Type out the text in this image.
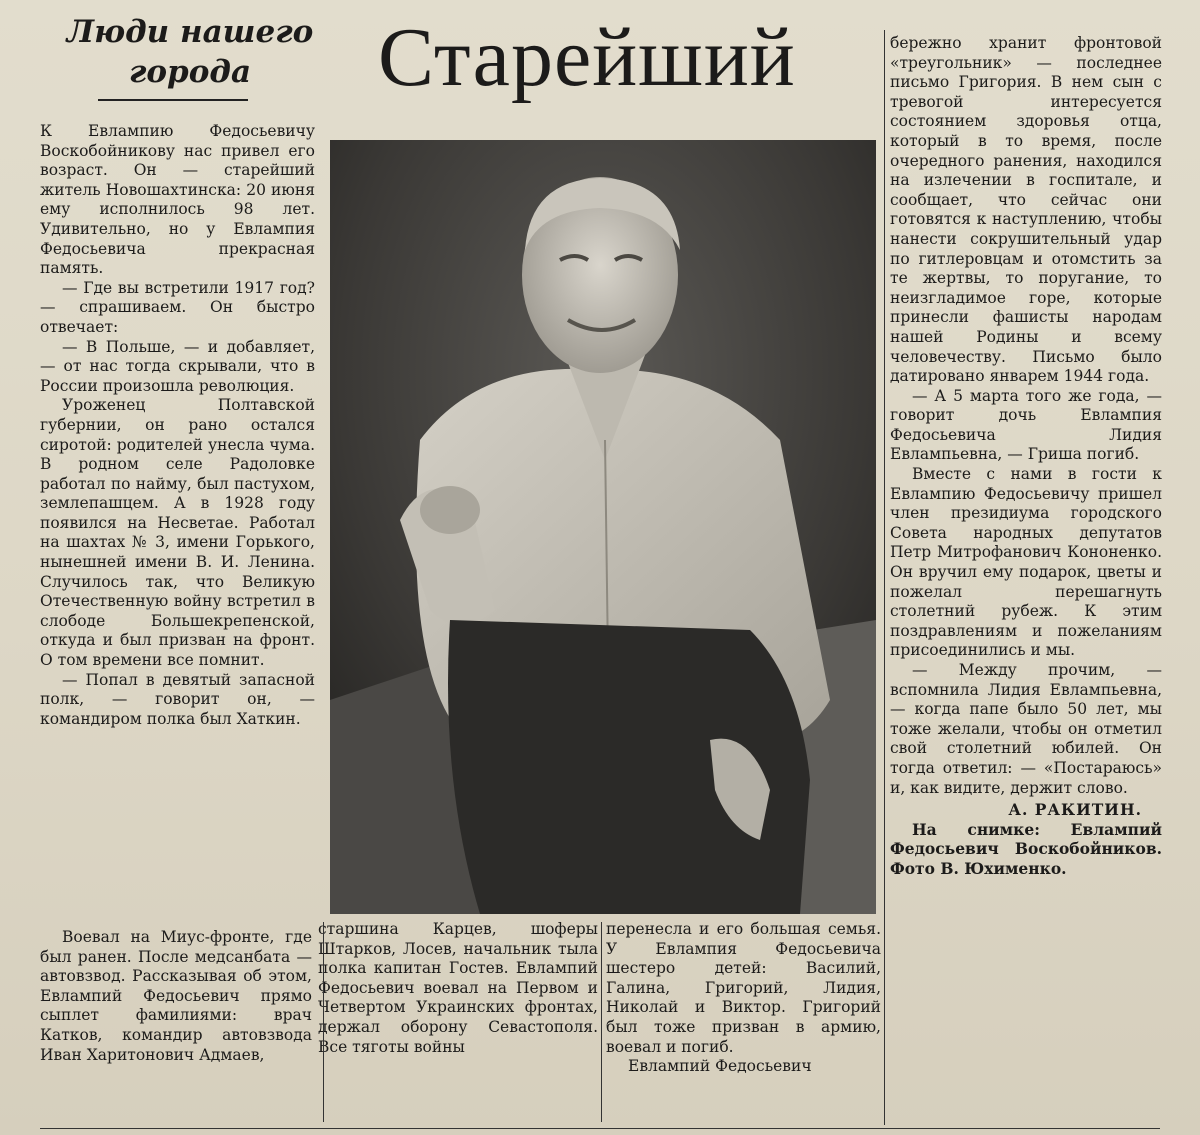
Люди нашего
города	Старейший

К Евлампию Федосьевичу Воскобойникову нас привел его возраст. Он — старейший житель Новошахтинска: 20 июня ему исполнилось 98 лет. Удивительно, но у Евлампия Федосьевича прекрасная память.

— Где вы встретили 1917 год? — спрашиваем. Он быстро отвечает:

— В Польше, — и добавляет, — от нас тогда скрывали, что в России произошла революция.

Уроженец Полтавской губернии, он рано остался сиротой: родителей унесла чума. В родном селе Радоловке работал по найму, был пастухом, землепашцем. А в 1928 году появился на Несветае. Работал на шахтах № 3, имени Горького, нынешней имени В. И. Ленина. Случилось так, что Великую Отечественную войну встретил в слободе Большекрепенской, откуда и был призван на фронт. О том времени все помнит.

— Попал в девятый запасной полк, — говорит он, — командиром полка был Хаткин.

бережно хранит фронтовой «треугольник» — последнее письмо Григория. В нем сын с тревогой интересуется состоянием здоровья отца, который в то время, после очередного ранения, находился на излечении в госпитале, и сообщает, что сейчас они готовятся к наступлению, чтобы нанести сокрушительный удар по гитлеровцам и отомстить за те жертвы, то поругание, то неизгладимое горе, которые принесли фашисты народам нашей Родины и всему человечеству. Письмо было датировано январем 1944 года.

— А 5 марта того же года, — говорит дочь Евлампия Федосьевича Лидия Евлампьевна, — Гриша погиб.

Вместе с нами в гости к Евлампию Федосьевичу пришел член президиума городского Совета народных депутатов Петр Митрофанович Кононенко. Он вручил ему подарок, цветы и пожелал перешагнуть столетний рубеж. К этим поздравлениям и пожеланиям присоединились и мы.

— Между прочим, — вспомнила Лидия Евлампьевна, — когда папе было 50 лет, мы тоже желали, чтобы он отметил свой столетний юбилей. Он тогда ответил: — «Постараюсь» и, как видите, держит слово.

А. РАКИТИН.

На снимке: Евлампий Федосьевич Воскобойников. Фото В. Юхименко.

Воевал на Миус-фронте, где был ранен. После медсанбата — автовзвод. Рассказывая об этом, Евлампий Федосьевич прямо сыплет фамилиями: врач Катков, командир автовзвода Иван Харитонович Адмаев,

старшина Карцев, шоферы Штарков, Лосев, начальник тыла полка капитан Гостев. Евлампий Федосьевич воевал на Первом и Четвертом Украинских фронтах, держал оборону Севастополя. Все тяготы войны

перенесла и его большая семья. У Евлампия Федосьевича шестеро детей: Василий, Галина, Григорий, Лидия, Николай и Виктор. Григорий был тоже призван в армию, воевал и погиб.

Евлампий Федосьевич
